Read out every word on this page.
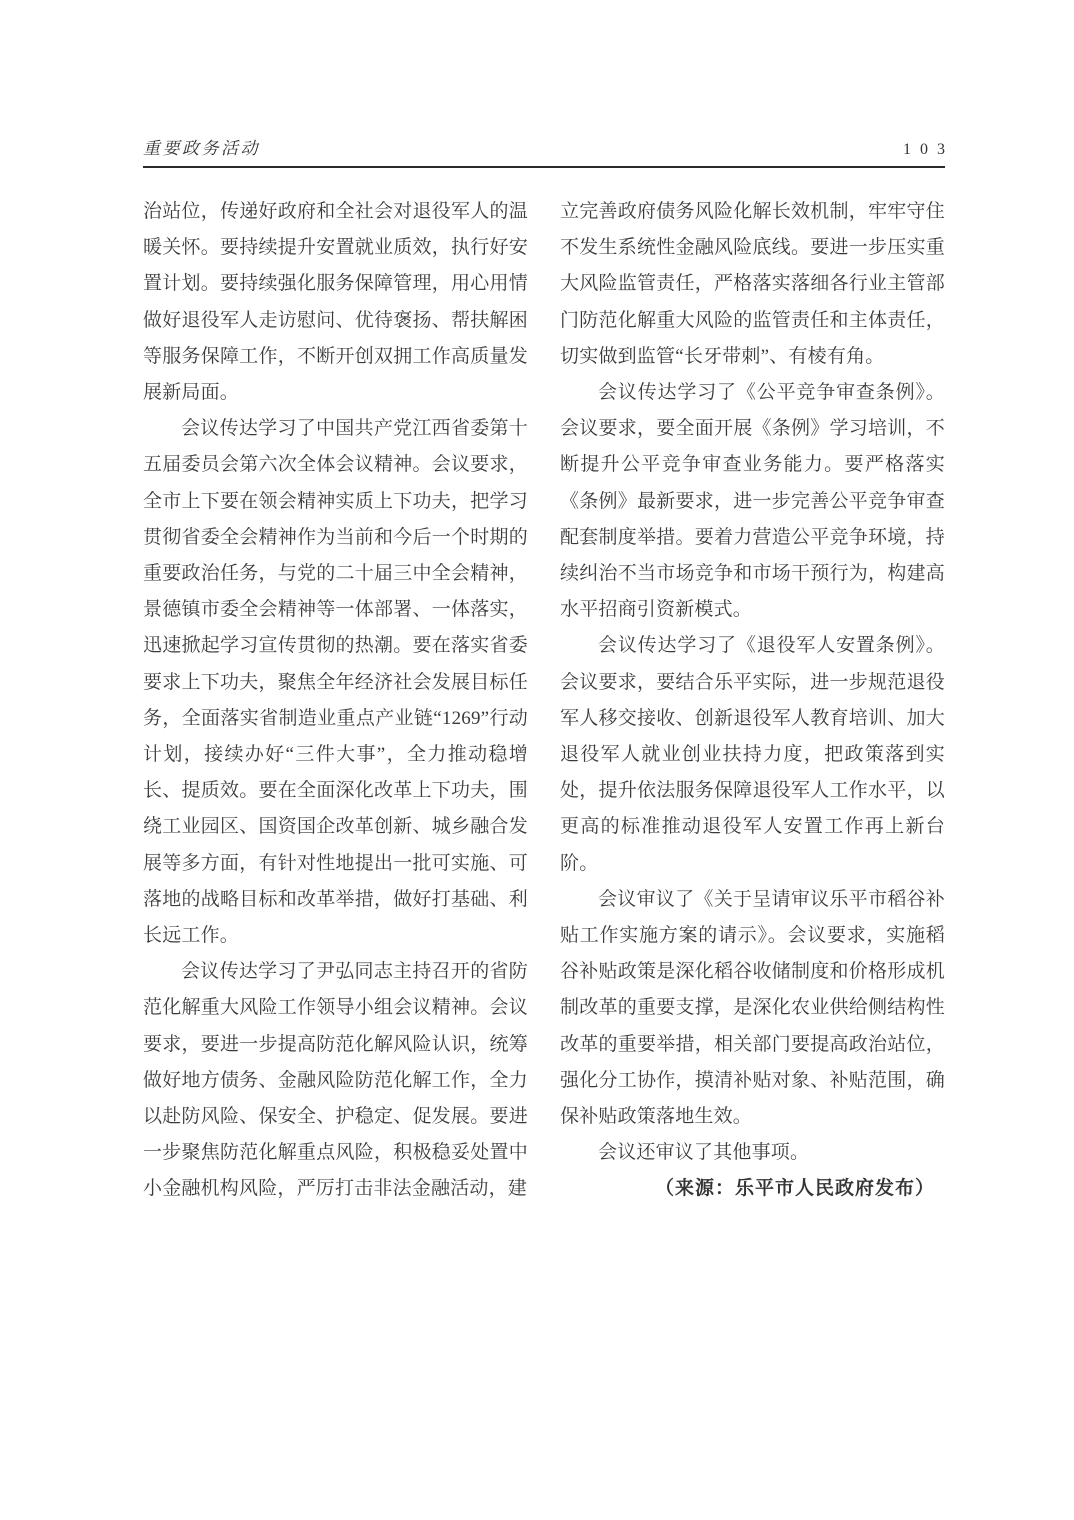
重要政务活动	103

治站位，传递好政府和全社会对退役军人的温暖关怀。要持续提升安置就业质效，执行好安置计划。要持续强化服务保障管理，用心用情做好退役军人走访慰问、优待褒扬、帮扶解困等服务保障工作，不断开创双拥工作高质量发展新局面。

会议传达学习了中国共产党江西省委第十五届委员会第六次全体会议精神。会议要求，全市上下要在领会精神实质上下功夫，把学习贯彻省委全会精神作为当前和今后一个时期的重要政治任务，与党的二十届三中全会精神，景德镇市委全会精神等一体部署、一体落实，迅速掀起学习宣传贯彻的热潮。要在落实省委要求上下功夫，聚焦全年经济社会发展目标任务，全面落实省制造业重点产业链“1269”行动计划，接续办好“三件大事”，全力推动稳增长、提质效。要在全面深化改革上下功夫，围绕工业园区、国资国企改革创新、城乡融合发展等多方面，有针对性地提出一批可实施、可落地的战略目标和改革举措，做好打基础、利长远工作。

会议传达学习了尹弘同志主持召开的省防范化解重大风险工作领导小组会议精神。会议要求，要进一步提高防范化解风险认识，统筹做好地方债务、金融风险防范化解工作，全力以赴防风险、保安全、护稳定、促发展。要进一步聚焦防范化解重点风险，积极稳妥处置中小金融机构风险，严厉打击非法金融活动，建

立完善政府债务风险化解长效机制，牢牢守住不发生系统性金融风险底线。要进一步压实重大风险监管责任，严格落实落细各行业主管部门防范化解重大风险的监管责任和主体责任，切实做到监管“长牙带刺”、有棱有角。

会议传达学习了《公平竞争审查条例》。会议要求，要全面开展《条例》学习培训，不断提升公平竞争审查业务能力。要严格落实《条例》最新要求，进一步完善公平竞争审查配套制度举措。要着力营造公平竞争环境，持续纠治不当市场竞争和市场干预行为，构建高水平招商引资新模式。

会议传达学习了《退役军人安置条例》。会议要求，要结合乐平实际，进一步规范退役军人移交接收、创新退役军人教育培训、加大退役军人就业创业扶持力度，把政策落到实处，提升依法服务保障退役军人工作水平，以更高的标准推动退役军人安置工作再上新台阶。

会议审议了《关于呈请审议乐平市稻谷补贴工作实施方案的请示》。会议要求，实施稻谷补贴政策是深化稻谷收储制度和价格形成机制改革的重要支撑，是深化农业供给侧结构性改革的重要举措，相关部门要提高政治站位，强化分工协作，摸清补贴对象、补贴范围，确保补贴政策落地生效。

会议还审议了其他事项。

（来源：乐平市人民政府发布）
